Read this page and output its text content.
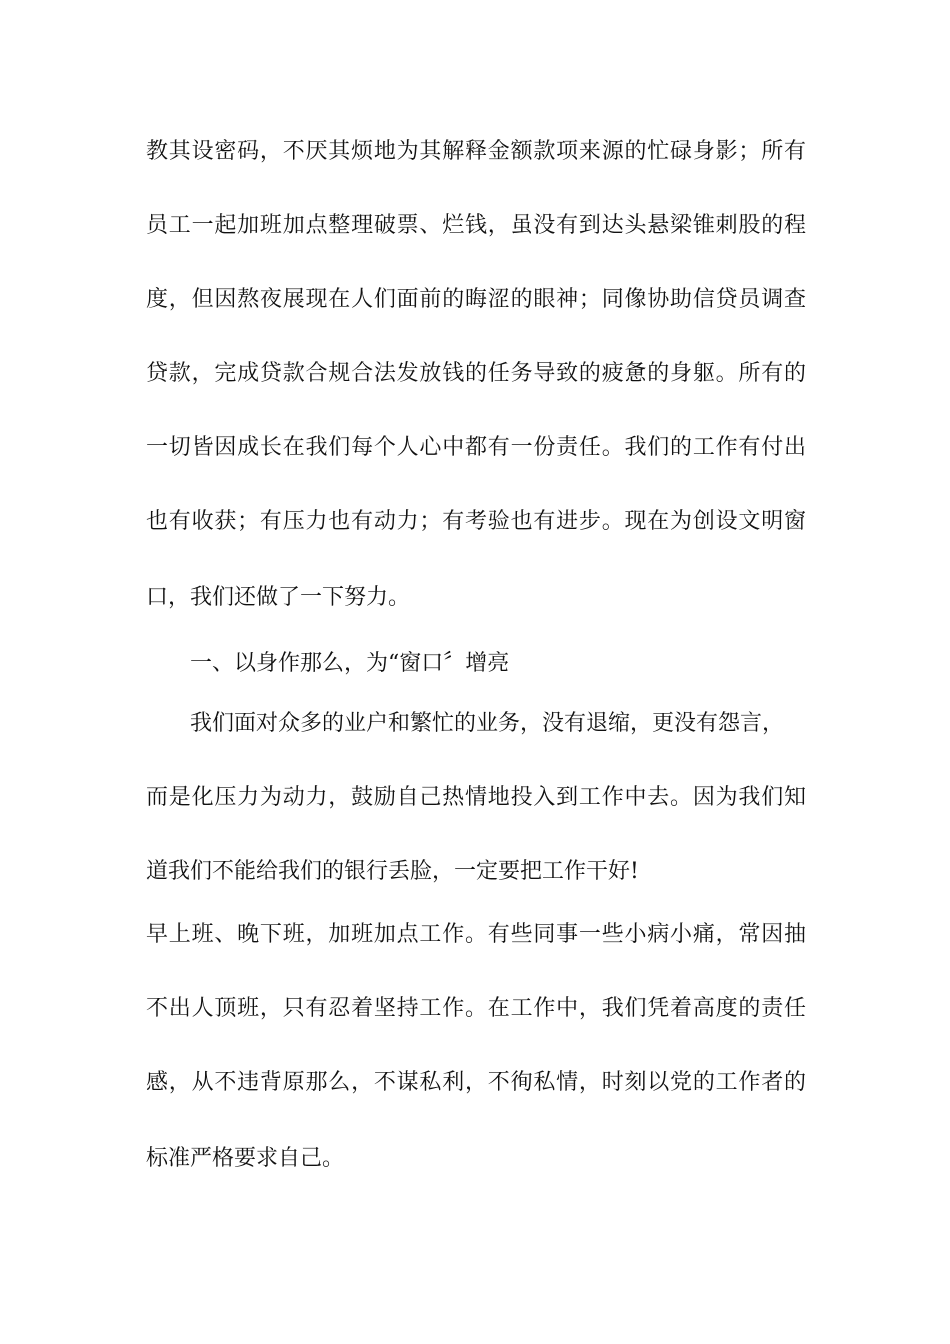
教其设密码，不厌其烦地为其解释金额款项来源的忙碌身影；所有
员工一起加班加点整理破票、烂钱，虽没有到达头悬梁锥刺股的程
度，但因熬夜展现在人们面前的晦涩的眼神；同像协助信贷员调查
贷款，完成贷款合规合法发放钱的任务导致的疲惫的身躯。所有的
一切皆因成长在我们每个人心中都有一份责任。我们的工作有付出
也有收获；有压力也有动力；有考验也有进步。现在为创设文明窗
口，我们还做了一下努力。
一、以身作那么，为“窗口〞增亮
我们面对众多的业户和繁忙的业务，没有退缩，更没有怨言，
而是化压力为动力，鼓励自己热情地投入到工作中去。因为我们知
道我们不能给我们的银行丢脸，一定要把工作干好!
早上班、晚下班，加班加点工作。有些同事一些小病小痛，常因抽
不出人顶班，只有忍着坚持工作。在工作中，我们凭着高度的责任
感，从不违背原那么，不谋私利，不徇私情，时刻以党的工作者的
标准严格要求自己。
